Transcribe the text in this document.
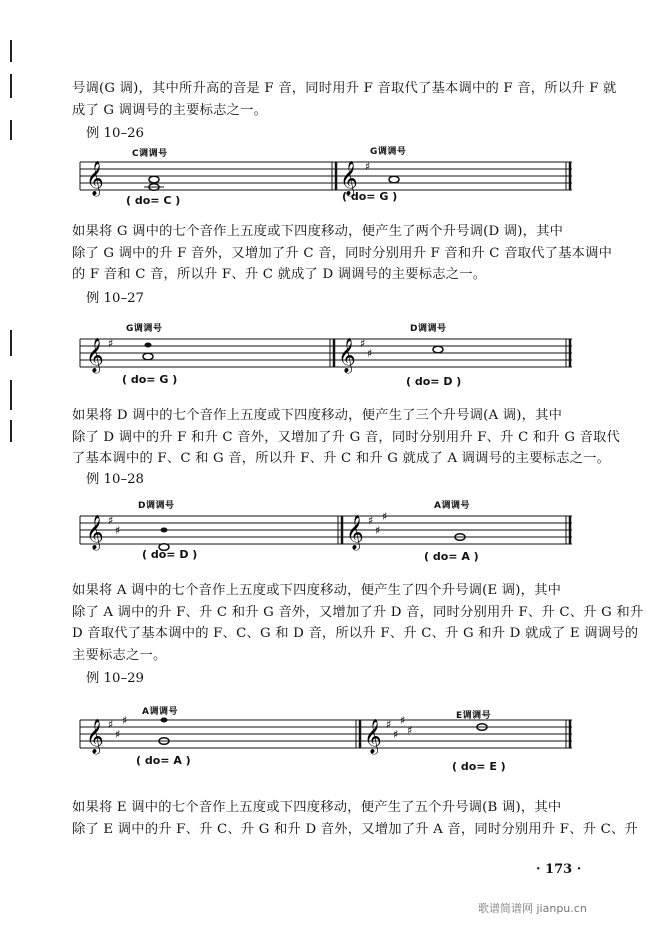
号调(G 调)，其中所升高的音是 F 音，同时用升 F 音取代了基本调中的 F 音，所以升 F 就
成了 G 调调号的主要标志之一。
例 10–26
𝄞	𝄞 ♯
C调调号	G调调号
( do= C )	( do= G )
如果将 G 调中的七个音作上五度或下四度移动，便产生了两个升号调(D 调)，其中
除了 G 调中的升 F 音外，又增加了升 C 音，同时分别用升 F 音和升 C 音取代了基本调中
的 F 音和 C 音，所以升 F、升 C 就成了 D 调调号的主要标志之一。
例 10–27
𝄞	𝄞
♯	♯
♯
G调调号	D调调号
( do= G )	( do= D )
如果将 D 调中的七个音作上五度或下四度移动，便产生了三个升号调(A 调)，其中
除了 D 调中的升 F 和升 C 音外，又增加了升 G 音，同时分别用升 F、升 C 和升 G 音取代
了基本调中的 F、C 和 G 音，所以升 F、升 C 和升 G 就成了 A 调调号的主要标志之一。
例 10–28
𝄞	𝄞
♯
♯
♯
♯
♯
D调调号	A调调号
( do= D )	( do= A )
如果将 A 调中的七个音作上五度或下四度移动，便产生了四个升号调(E 调)，其中
除了 A 调中的升 F、升 C 和升 G 音外，又增加了升 D 音，同时分别用升 F、升 C、升 G 和升
D 音取代了基本调中的 F、C、G 和 D 音，所以升 F、升 C、升 G 和升 D 就成了 E 调调号的
主要标志之一。
例 10–29
𝄞	𝄞
♯
♯
♯	♯
♯
♯
♯
A调调号	E调调号
( do= A )	( do= E )
如果将 E 调中的七个音作上五度或下四度移动，便产生了五个升号调(B 调)，其中
除了 E 调中的升 F、升 C、升 G 和升 D 音外，又增加了升 A 音，同时分别用升 F、升 C、升
· 173 ·
歌谱简谱网 jianpu.cn
